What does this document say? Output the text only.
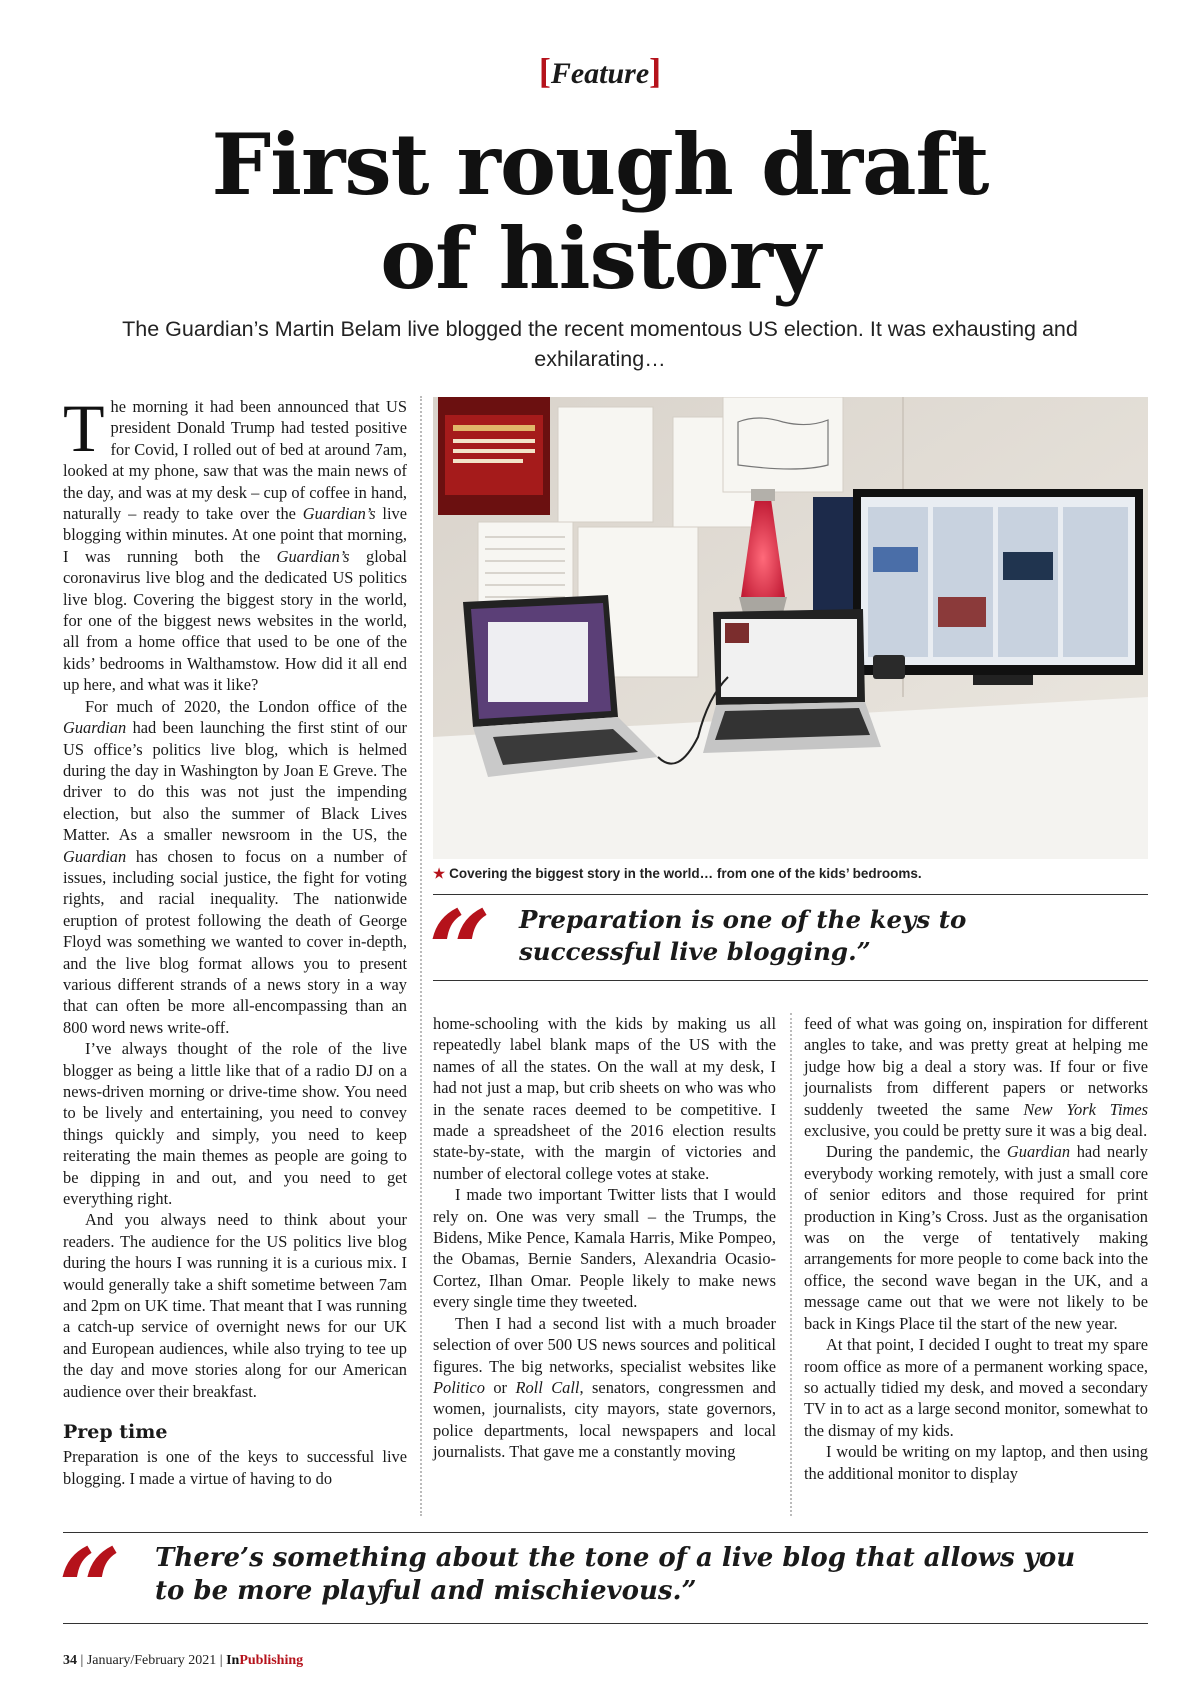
[Feature]
First rough draft
of history
The Guardian’s Martin Belam live blogged the recent momentous US election. It was exhausting and exhilarating…

The morning it had been announced that US president Donald Trump had tested positive for Covid, I rolled out of bed at around 7am, looked at my phone, saw that was the main news of the day, and was at my desk – cup of coffee in hand, naturally – ready to take over the Guardian’s live blogging within minutes. At one point that morning, I was running both the Guardian’s global coronavirus live blog and the dedicated US politics live blog. Covering the biggest story in the world, for one of the biggest news websites in the world, all from a home office that used to be one of the kids’ bedrooms in Walthamstow. How did it all end up here, and what was it like?

For much of 2020, the London office of the Guardian had been launching the first stint of our US office’s politics live blog, which is helmed during the day in Washington by Joan E Greve. The driver to do this was not just the impending election, but also the summer of Black Lives Matter. As a smaller newsroom in the US, the Guardian has chosen to focus on a number of issues, including social justice, the fight for voting rights, and racial inequality. The nationwide eruption of protest following the death of George Floyd was something we wanted to cover in-depth, and the live blog format allows you to present various different strands of a news story in a way that can often be more all-encompassing than an 800 word news write-off.

I’ve always thought of the role of the live blogger as being a little like that of a radio DJ on a news-driven morning or drive-time show. You need to be lively and entertaining, you need to convey things quickly and simply, you need to keep reiterating the main themes as people are going to be dipping in and out, and you need to get everything right.

And you always need to think about your readers. The audience for the US politics live blog during the hours I was running it is a curious mix. I would generally take a shift sometime between 7am and 2pm on UK time. That meant that I was running a catch-up service of overnight news for our UK and European audiences, while also trying to tee up the day and move stories along for our American audience over their breakfast.

Prep time

Preparation is one of the keys to successful live blogging. I made a virtue of having to do

★ Covering the biggest story in the world… from one of the kids’ bedrooms.
“ Preparation is one of the keys to successful live blogging.”

home-schooling with the kids by making us all repeatedly label blank maps of the US with the names of all the states. On the wall at my desk, I had not just a map, but crib sheets on who was who in the senate races deemed to be competitive. I made a spreadsheet of the 2016 election results state-by-state, with the margin of victories and number of electoral college votes at stake.

I made two important Twitter lists that I would rely on. One was very small – the Trumps, the Bidens, Mike Pence, Kamala Harris, Mike Pompeo, the Obamas, Bernie Sanders, Alexandria Ocasio-Cortez, Ilhan Omar. People likely to make news every single time they tweeted.

Then I had a second list with a much broader selection of over 500 US news sources and political figures. The big networks, specialist websites like Politico or Roll Call, senators, congressmen and women, journalists, city mayors, state governors, police departments, local newspapers and local journalists. That gave me a constantly moving

feed of what was going on, inspiration for different angles to take, and was pretty great at helping me judge how big a deal a story was. If four or five journalists from different papers or networks suddenly tweeted the same New York Times exclusive, you could be pretty sure it was a big deal.

During the pandemic, the Guardian had nearly everybody working remotely, with just a small core of senior editors and those required for print production in King’s Cross. Just as the organisation was on the verge of tentatively making arrangements for more people to come back into the office, the second wave began in the UK, and a message came out that we were not likely to be back in Kings Place til the start of the new year.

At that point, I decided I ought to treat my spare room office as more of a permanent working space, so actually tidied my desk, and moved a secondary TV in to act as a large second monitor, somewhat to the dismay of my kids.

I would be writing on my laptop, and then using the additional monitor to display

“ There’s something about the tone of a live blog that allows you to be more playful and mischievous.”
34 | January/February 2021 | InPublishing
